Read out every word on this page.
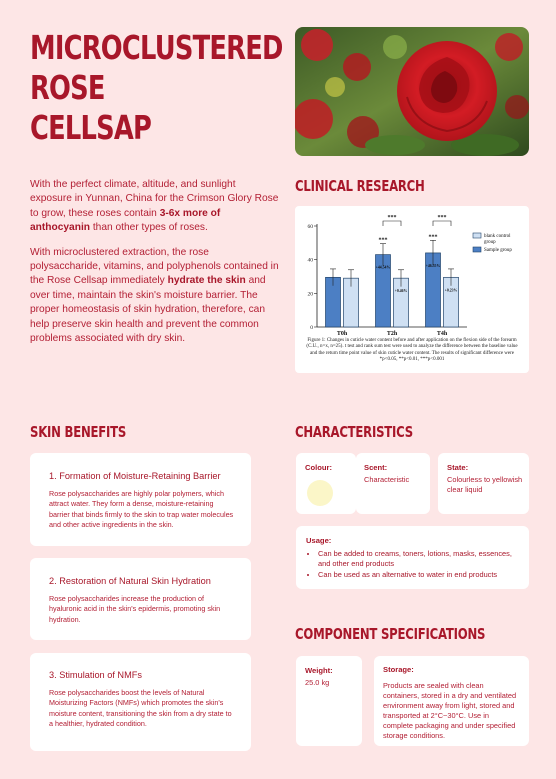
MICROCLUSTERED
ROSE CELLSAP

With the perfect climate, altitude, and sunlight exposure in Yunnan, China for the Crimson Glory Rose to grow, these roses contain 3-6x more of anthocyanin than other types of roses.

With microclustered extraction, the rose polysaccharide, vitamins, and polyphenols contained in the Rose Cellsap immediately hydrate the skin and over time, maintain the skin's moisture barrier. The proper homeostasis of skin hydration, therefore, can help preserve skin health and prevent the common problems associated with dry skin.

CLINICAL RESEARCH
0
20
40
60
T0h
+44.54%
+0.46%
T2h
***
***
+46.55%
+0.23%
T4h
***
***
blank control
group
Sample group
Figure 1: Changes in cuticle water content before and after application on the flexion side of the forearm (C.U., n=x, n=25). t test and rank sum test were used to analyze the difference between the baseline value and the return time point value of skin cuticle water content. The results of significant difference were *p<0.05, **p<0.01, ***p<0.001
SKIN BENEFITS

1. Formation of Moisture-Retaining Barrier

Rose polysaccharides are highly polar polymers, which attract water. They form a dense, moisture-retaining barrier that binds firmly to the skin to trap water molecules and other active ingredients in the skin.

2. Restoration of Natural Skin Hydration

Rose polysaccharides increase the production of hyaluronic acid in the skin's epidermis, promoting skin hydration.

3. Stimulation of NMFs

Rose polysaccharides boost the levels of Natural Moisturizing Factors (NMFs) which promotes the skin's moisture content, transitioning the skin from a dry state to a healthier, hydrated condition.

CHARACTERISTICS
Colour:	Scent:
Characteristic
State:
Colourless to yellowish clear liquid
Usage:
• Can be added to creams, toners, lotions, masks, essences, and other end products
• Can be used as an alternative to water in end products
COMPONENT SPECIFICATIONS
Weight:
25.0 kg
Storage:
Products are sealed with clean containers, stored in a dry and ventilated environment away from light, stored and transported at 2°C~30°C. Use in complete packaging and under specified storage conditions.
